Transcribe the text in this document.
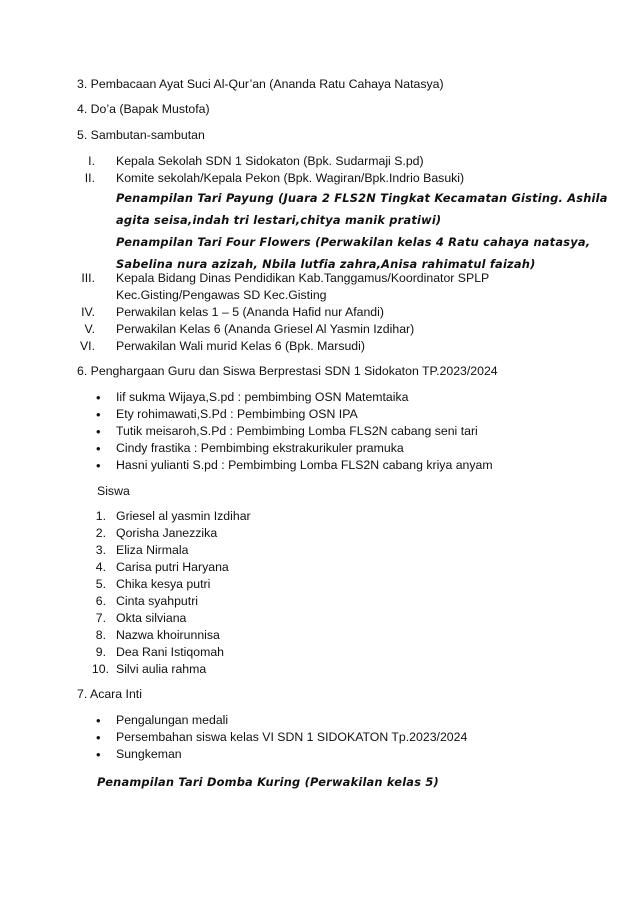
3. Pembacaan Ayat Suci Al-Qur’an (Ananda Ratu Cahaya Natasya)
4. Do’a (Bapak Mustofa)
5. Sambutan-sambutan
I. Kepala Sekolah SDN 1 Sidokaton (Bpk. Sudarmaji S.pd)
II. Komite sekolah/Kepala Pekon (Bpk. Wagiran/Bpk.Indrio Basuki)
Penampilan Tari Payung (Juara 2 FLS2N Tingkat Kecamatan Gisting. Ashila
agita seisa,indah tri lestari,chitya manik pratiwi)
Penampilan Tari Four Flowers (Perwakilan kelas 4 Ratu cahaya natasya,
Sabelina nura azizah, Nbila lutfia zahra,Anisa rahimatul faizah)
III. Kepala Bidang Dinas Pendidikan Kab.Tanggamus/Koordinator SPLP
Kec.Gisting/Pengawas SD Kec.Gisting
IV. Perwakilan kelas 1 – 5 (Ananda Hafid nur Afandi)
V. Perwakilan Kelas 6 (Ananda Griesel Al Yasmin Izdihar)
VI. Perwakilan Wali murid Kelas 6 (Bpk. Marsudi)
6. Penghargaan Guru dan Siswa Berprestasi SDN 1 Sidokaton TP.2023/2024
• Iif sukma Wijaya,S.pd : pembimbing OSN Matemtaika
• Ety rohimawati,S.Pd : Pembimbing OSN IPA
• Tutik meisaroh,S.Pd : Pembimbing Lomba FLS2N cabang seni tari
• Cindy frastika : Pembimbing ekstrakurikuler pramuka
• Hasni yulianti S.pd : Pembimbing Lomba FLS2N cabang kriya anyam
Siswa
1. Griesel al yasmin Izdihar
2. Qorisha Janezzika
3. Eliza Nirmala
4. Carisa putri Haryana
5. Chika kesya putri
6. Cinta syahputri
7. Okta silviana
8. Nazwa khoirunnisa
9. Dea Rani Istiqomah
10. Silvi aulia rahma
7. Acara Inti
• Pengalungan medali
• Persembahan siswa kelas VI SDN 1 SIDOKATON Tp.2023/2024
• Sungkeman
Penampilan Tari Domba Kuring (Perwakilan kelas 5)
